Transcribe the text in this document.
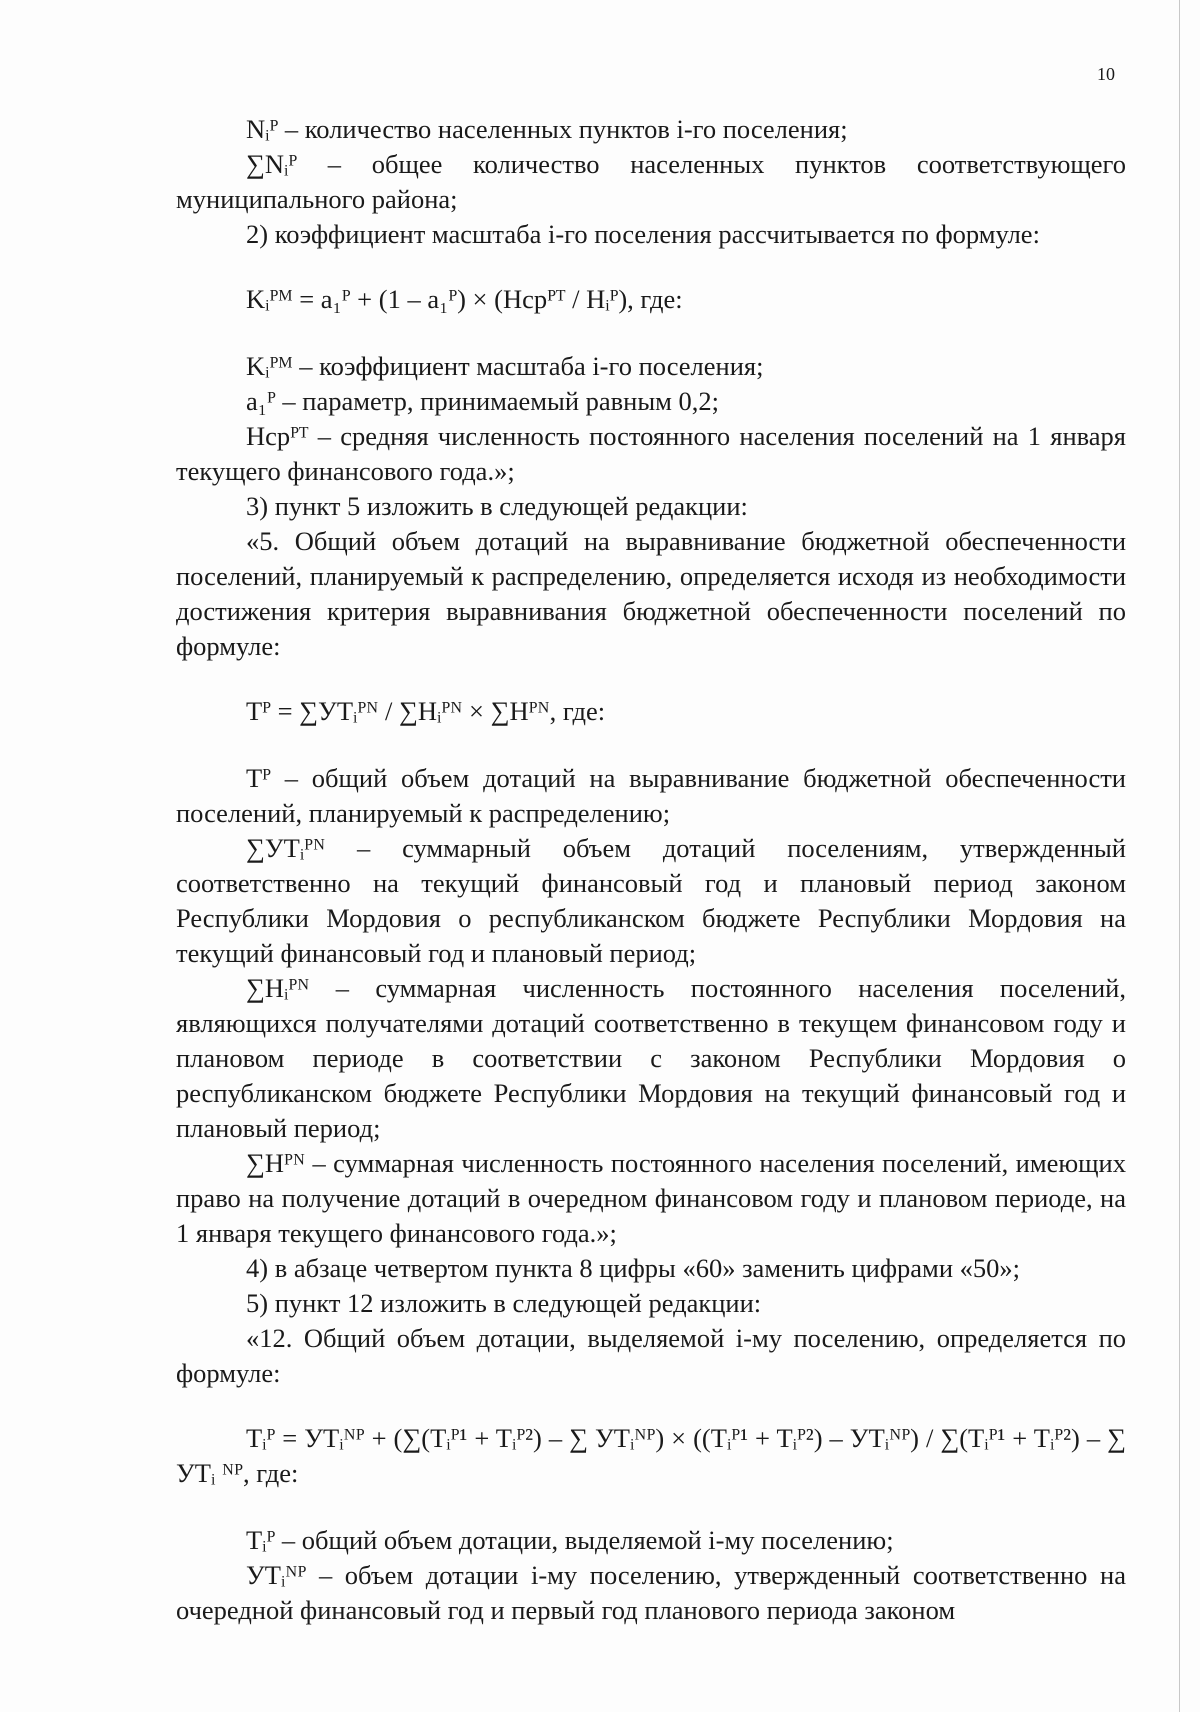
10

Nᵢᴾ – количество населенных пунктов i-го поселения;

∑Nᵢᴾ – общее количество населенных пунктов соответствующего муниципального района;

2) коэффициент масштаба i-го поселения рассчитывается по формуле:

Kᵢᴾᴹ = a₁ᴾ + (1 – a₁ᴾ) × (Hcpᴾᵀ / Hᵢᴾ), где:

Kᵢᴾᴹ – коэффициент масштаба i-го поселения;

a₁ᴾ – параметр, принимаемый равным 0,2;

Hcpᴾᵀ – средняя численность постоянного населения поселений на 1 января текущего финансового года.»;

3) пункт 5 изложить в следующей редакции:

«5. Общий объем дотаций на выравнивание бюджетной обеспеченности поселений, планируемый к распределению, определяется исходя из необходимости достижения критерия выравнивания бюджетной обеспеченности поселений по формуле:

Tᴾ = ∑УTᵢᴾᴺ / ∑Hᵢᴾᴺ × ∑Hᴾᴺ, где:

Tᴾ – общий объем дотаций на выравнивание бюджетной обеспеченности поселений, планируемый к распределению;

∑УTᵢᴾᴺ – суммарный объем дотаций поселениям, утвержденный соответственно на текущий финансовый год и плановый период законом Республики Мордовия о республиканском бюджете Республики Мордовия на текущий финансовый год и плановый период;

∑Hᵢᴾᴺ – суммарная численность постоянного населения поселений, являющихся получателями дотаций соответственно в текущем финансовом году и плановом периоде в соответствии с законом Республики Мордовия о республиканском бюджете Республики Мордовия на текущий финансовый год и плановый период;

∑Hᴾᴺ – суммарная численность постоянного населения поселений, имеющих право на получение дотаций в очередном финансовом году и плановом периоде, на 1 января текущего финансового года.»;

4) в абзаце четвертом пункта 8 цифры «60» заменить цифрами «50»;

5) пункт 12 изложить в следующей редакции:

«12. Общий объем дотации, выделяемой i-му поселению, определяется по формуле:

Tᵢᴾ = УTᵢᴺᴾ + (∑(Tᵢᴾ¹ + Tᵢᴾ²) – ∑ УTᵢᴺᴾ) × ((Tᵢᴾ¹ + Tᵢᴾ²) – УTᵢᴺᴾ) / ∑(Tᵢᴾ¹ + Tᵢᴾ²) – ∑ УTᵢ ᴺᴾ, где:

Tᵢᴾ – общий объем дотации, выделяемой i-му поселению;

УTᵢᴺᴾ – объем дотации i-му поселению, утвержденный соответственно на очередной финансовый год и первый год планового периода законом
